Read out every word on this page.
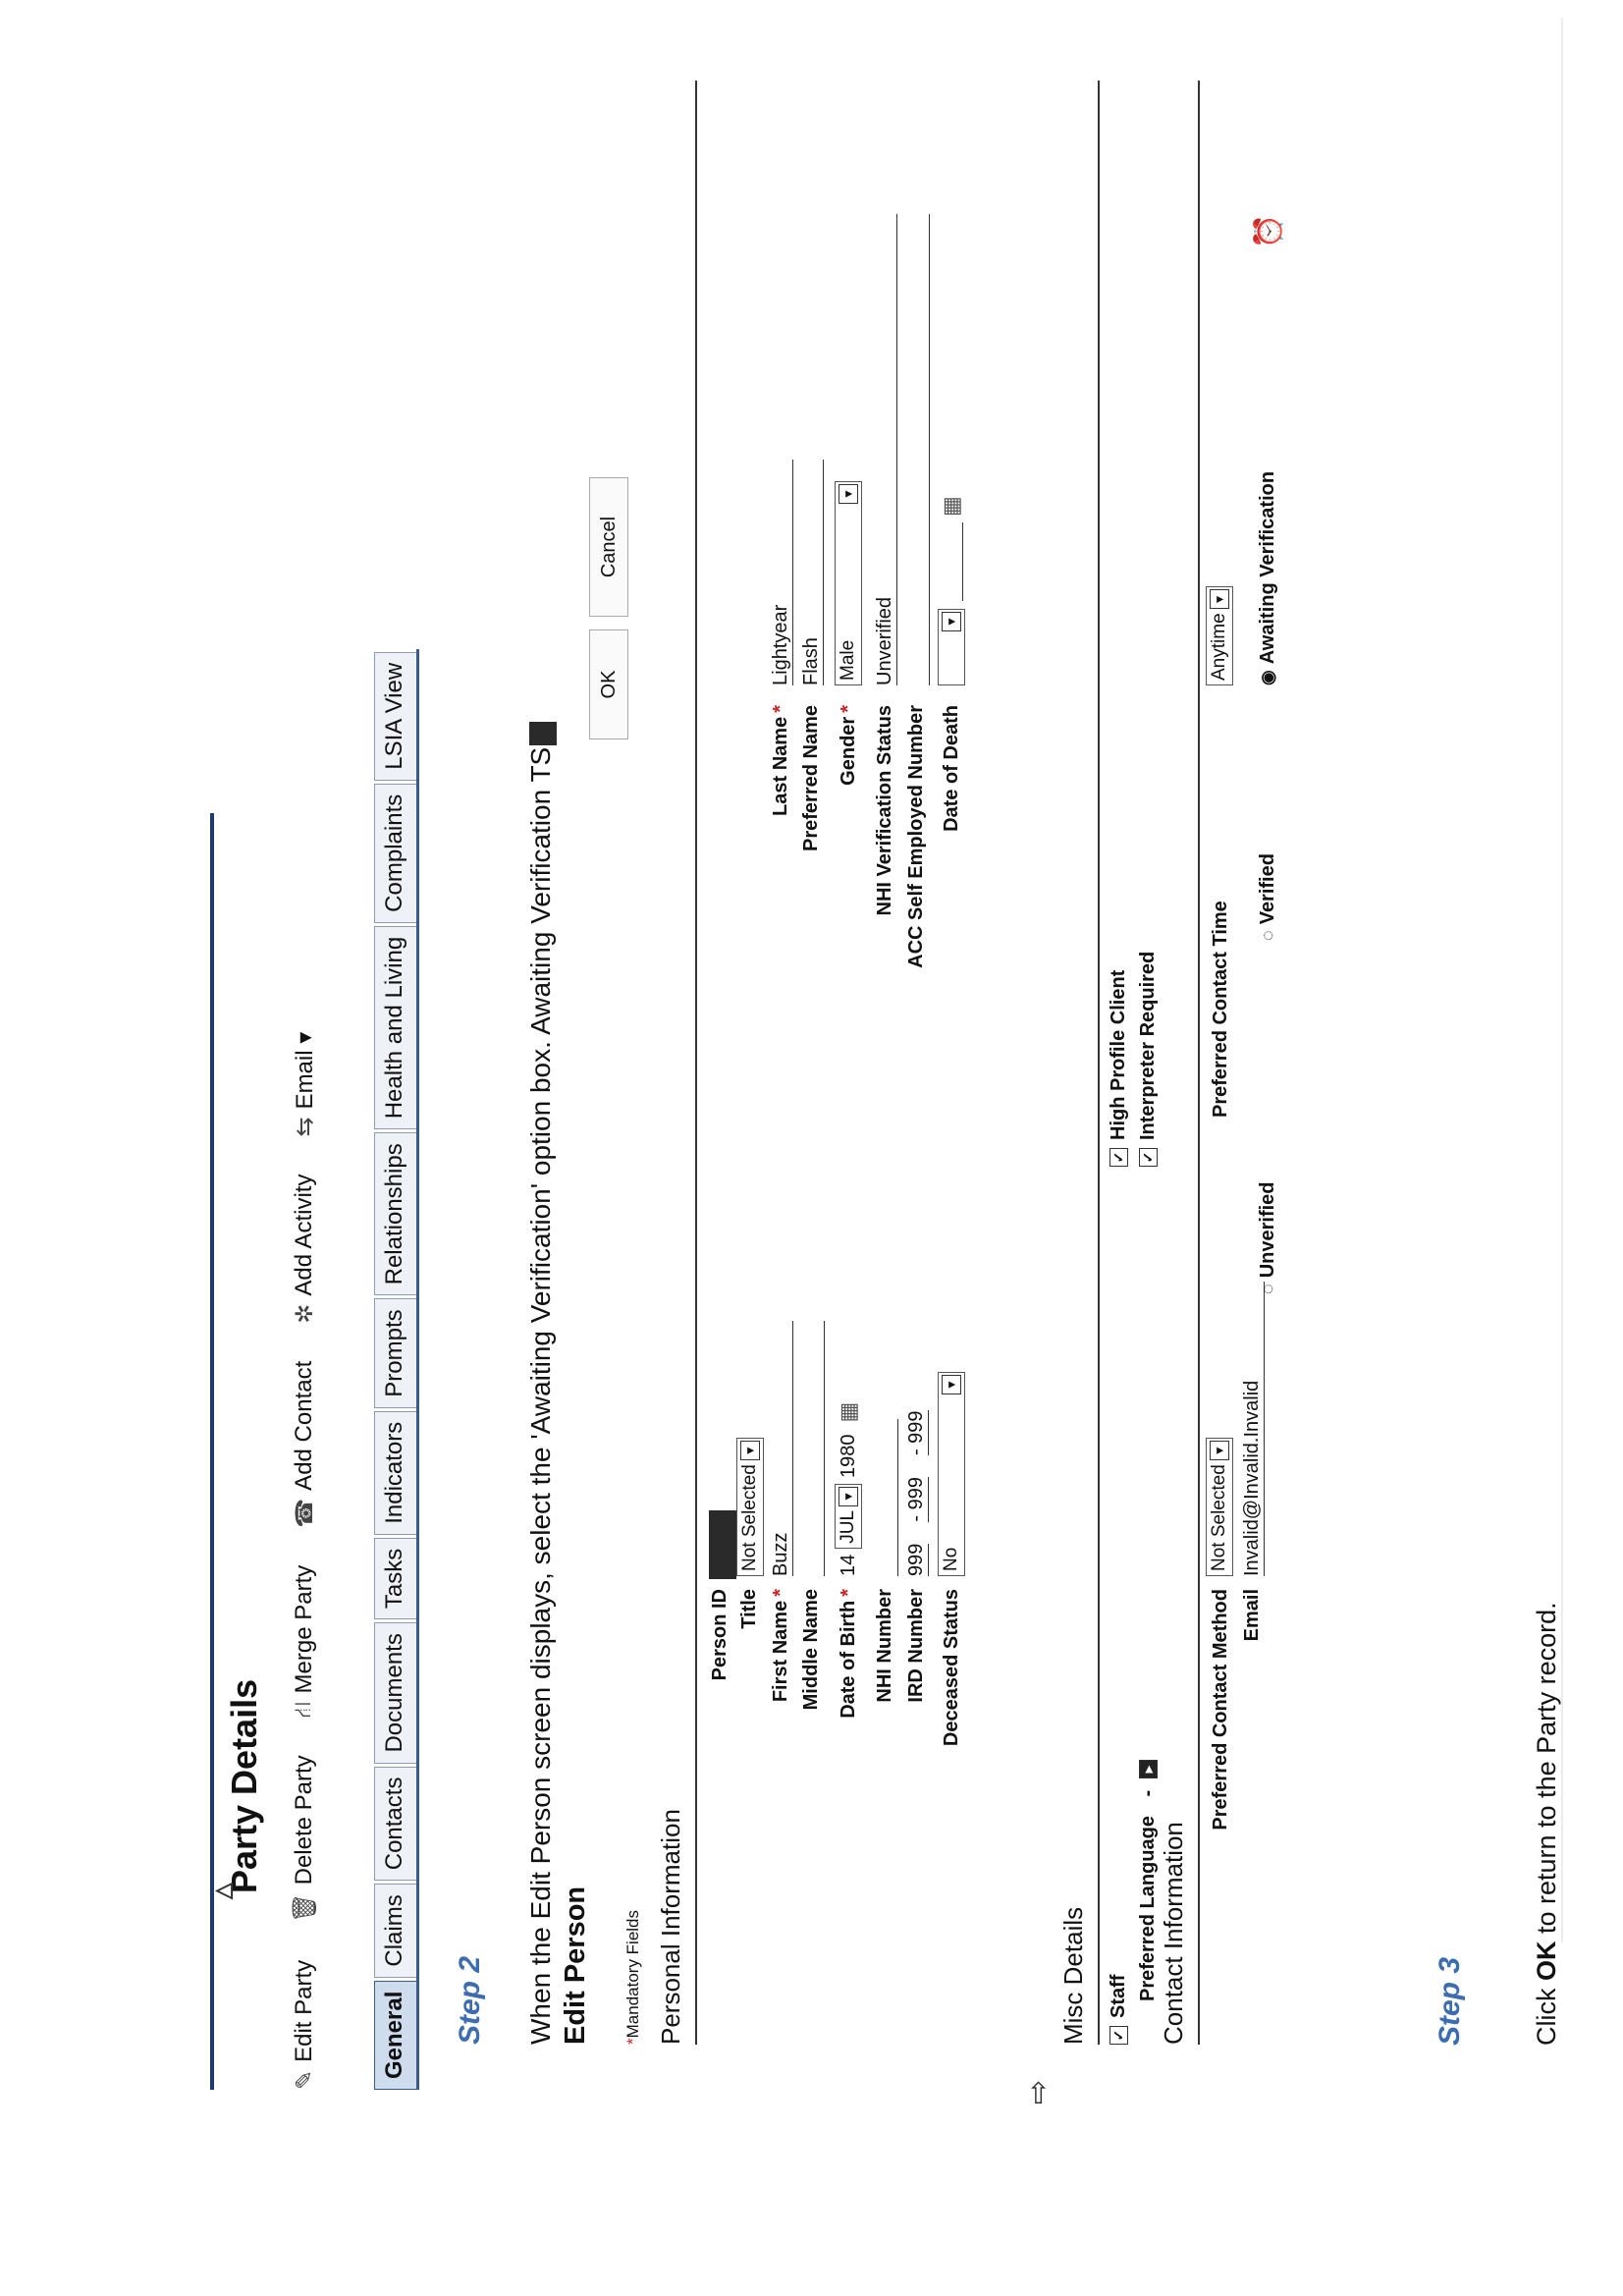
△
Party Details
✎
Edit Party
🗑
Delete Party
⛙
Merge Party
☎
Add Contact
✲
Add Activity
⇆
Email ▾
General
Claims
Contacts
Documents
Tasks
Indicators
Prompts
Relationships
Health and Living
Complaints
LSIA View
Step 2 When the Edit Person screen displays, select the 'Awaiting Verification' option box. Awaiting Verification TS
Edit Person *Mandatory Fields
OK
Cancel
Personal Information
Person ID Title First Name* Middle Name Date of Birth* NHI Number IRD Number Deceased Status
Not Selected
▼
Buzz 14
JUL
▼
1980
▦
999
- 999
- 999
No
▼
Last Name* Preferred Name Gender* NHI Verification Status ACC Self Employed Number Date of Death
Lightyear Flash Male
▼
Unverified	▼
▦
Misc Details ✓Staff Preferred Language - ▸
✓High Profile Client
✓Interpreter Required
⇨
Contact Information
Preferred Contact Method Email
Not Selected
▼ Invalid@Invalid.Invalid
Preferred Contact Time
Anytime
▼
◌Unverified
◌Verified
◉Awaiting Verification
⏰
Step 3 Click OK to return to the Party record.
